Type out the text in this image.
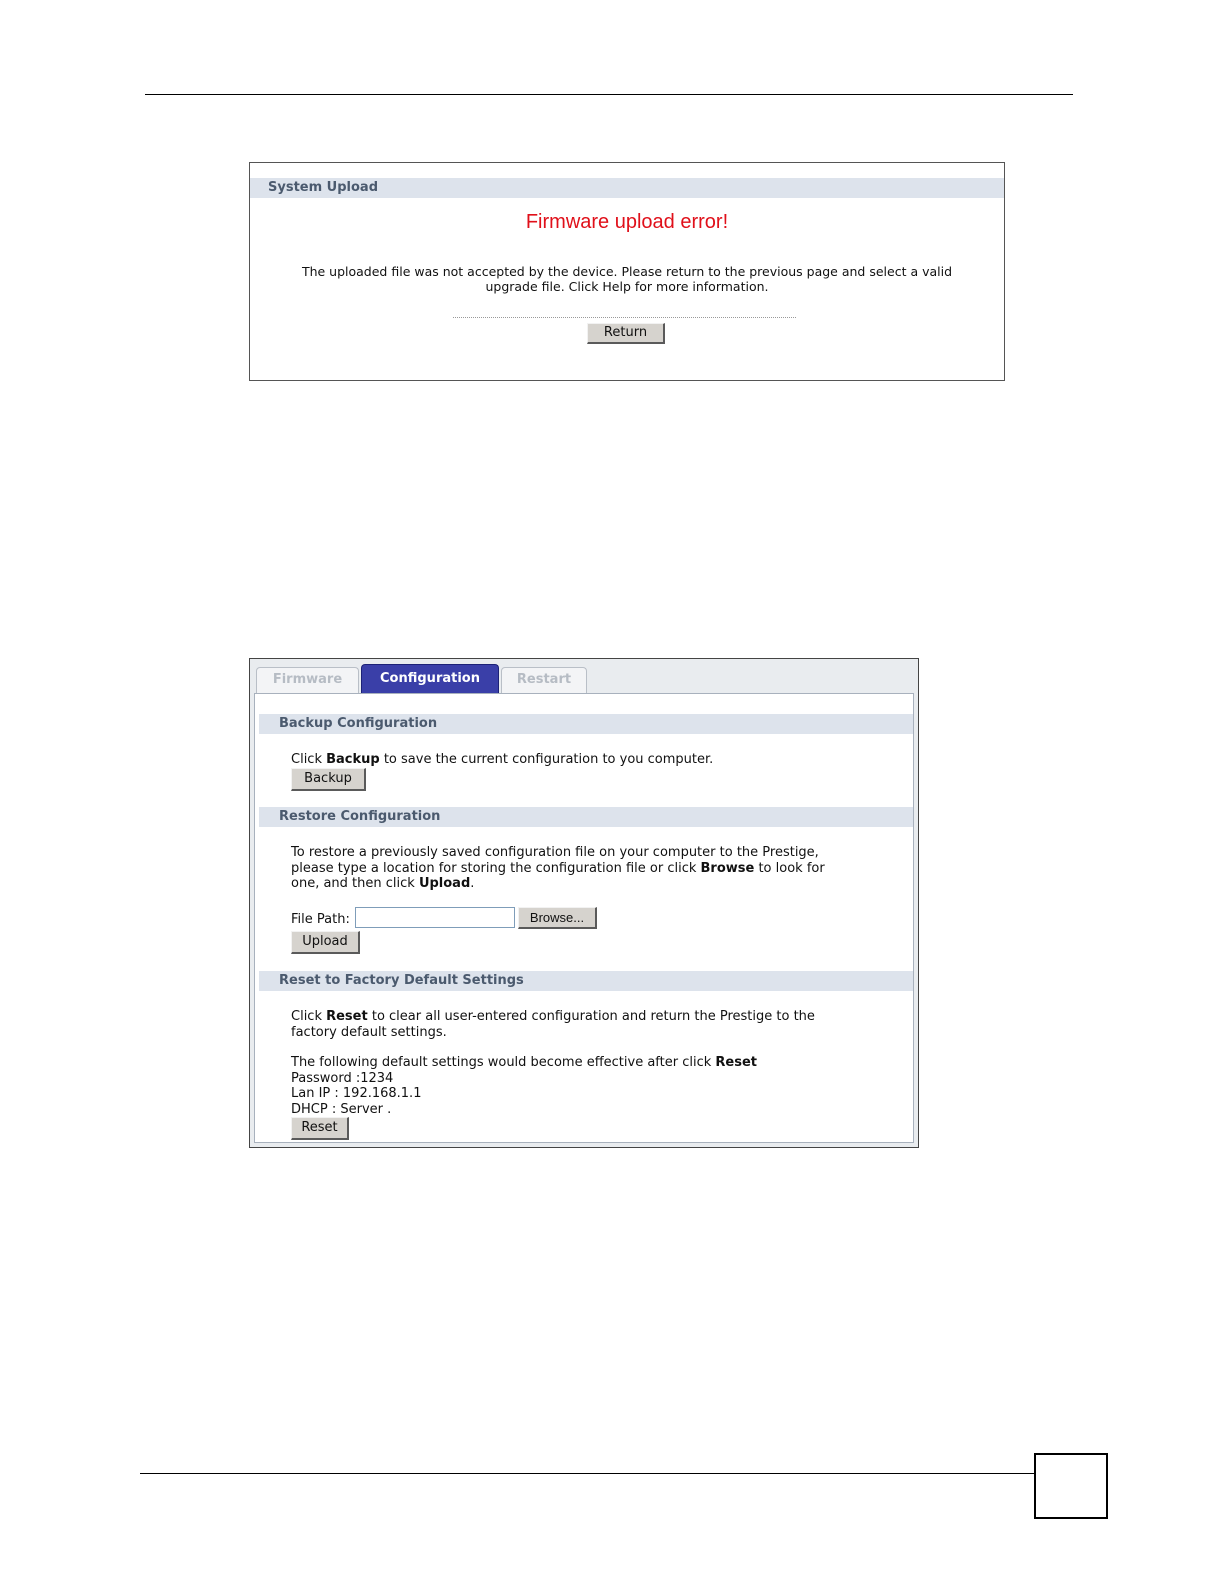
System Upload
Firmware upload error!
The uploaded file was not accepted by the device. Please return to the previous page and select a valid
upgrade file. Click Help for more information.
Return
Firmware	Configuration	Restart
Backup Configuration
Click Backup to save the current configuration to you computer.
Backup
Restore Configuration
To restore a previously saved configuration file on your computer to the Prestige,
please type a location for storing the configuration file or click Browse to look for
one, and then click Upload.
File Path:	Browse...
Upload
Reset to Factory Default Settings
Click Reset to clear all user-entered configuration and return the Prestige to the
factory default settings.
The following default settings would become effective after click Reset
Password :1234
Lan IP : 192.168.1.1
DHCP : Server .
Reset
